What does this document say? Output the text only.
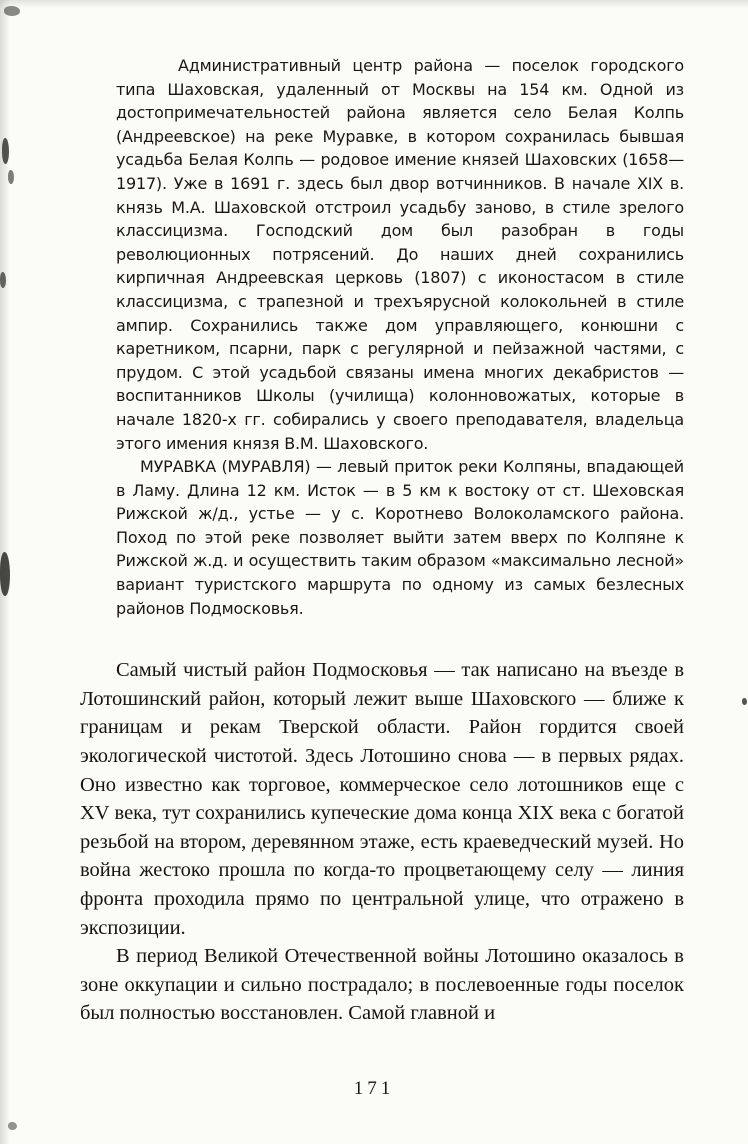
Административный центр района — поселок городского типа Шаховская, удаленный от Москвы на 154 км. Одной из достопримечательностей района является село Белая Колпь (Андреевское) на реке Муравке, в котором сохранилась бывшая усадьба Белая Колпь — родовое имение князей Шаховских (1658—1917). Уже в 1691 г. здесь был двор вотчинников. В начале XIX в. князь М.А. Шаховской отстроил усадьбу заново, в стиле зрелого классицизма. Господский дом был разобран в годы революционных потрясений. До наших дней сохранились кирпичная Андреевская церковь (1807) с иконостасом в стиле классицизма, с трапезной и трехъярусной колокольней в стиле ампир. Сохранились также дом управляющего, конюшни с каретником, псарни, парк с регулярной и пейзажной частями, с прудом. С этой усадьбой связаны имена многих декабристов — воспитанников Школы (училища) колонновожатых, которые в начале 1820-х гг. собирались у своего преподавателя, владельца этого имения князя В.М. Шаховского.

МУРАВКА (МУРАВЛЯ) — левый приток реки Колпяны, впадающей в Ламу. Длина 12 км. Исток — в 5 км к востоку от ст. Шеховская Рижской ж/д., устье — у с. Коротнево Волоколамского района. Поход по этой реке позволяет выйти затем вверх по Колпяне к Рижской ж.д. и осуществить таким образом «максимально лесной» вариант туристского маршрута по одному из самых безлесных районов Подмосковья.

Самый чистый район Подмосковья — так написано на въезде в Лотошинский район, который лежит выше Шаховского — ближе к границам и рекам Тверской области. Район гордится своей экологической чистотой. Здесь Лотошино снова — в первых рядах. Оно известно как торговое, коммерческое село лотошников еще с XV века, тут сохранились купеческие дома конца XIX века с богатой резьбой на втором, деревянном этаже, есть краеведческий музей. Но война жестоко прошла по когда-то процветающему селу — линия фронта проходила прямо по центральной улице, что отражено в экспозиции.

В период Великой Отечественной войны Лотошино оказалось в зоне оккупации и сильно пострадало; в послевоенные годы поселок был полностью восстановлен. Самой главной и

171
